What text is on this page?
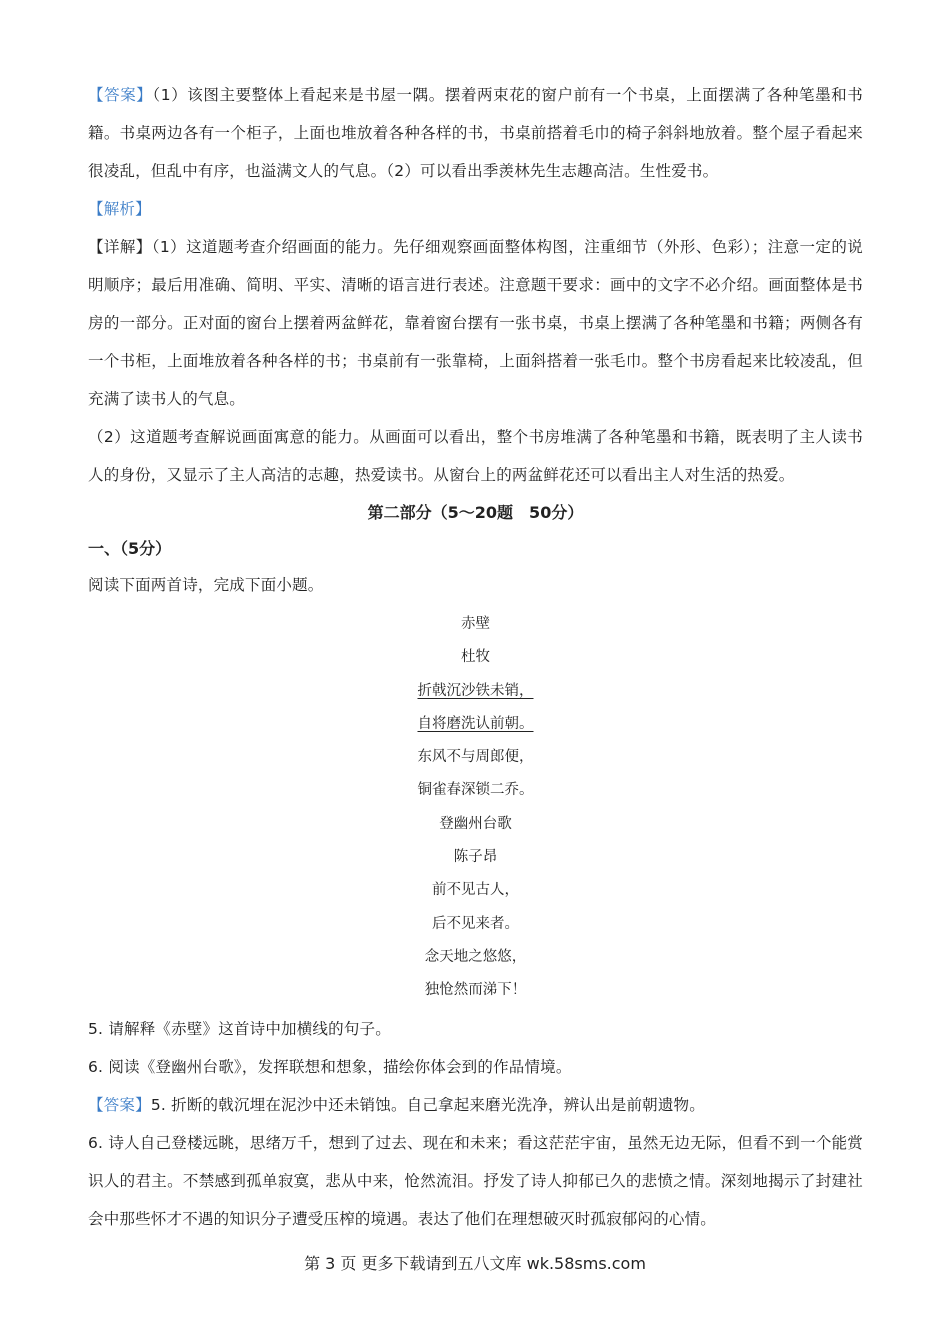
【答案】（1）该图主要整体上看起来是书屋一隅。摆着两束花的窗户前有一个书桌，上面摆满了各种笔墨和书籍。书桌两边各有一个柜子，上面也堆放着各种各样的书，书桌前搭着毛巾的椅子斜斜地放着。整个屋子看起来很凌乱，但乱中有序，也溢满文人的气息。（2）可以看出季羡林先生志趣高洁。生性爱书。

【解析】

【详解】（1）这道题考查介绍画面的能力。先仔细观察画面整体构图，注重细节（外形、色彩）；注意一定的说明顺序；最后用准确、简明、平实、清晰的语言进行表述。注意题干要求：画中的文字不必介绍。画面整体是书房的一部分。正对面的窗台上摆着两盆鲜花，靠着窗台摆有一张书桌，书桌上摆满了各种笔墨和书籍；两侧各有一个书柜，上面堆放着各种各样的书；书桌前有一张靠椅，上面斜搭着一张毛巾。整个书房看起来比较凌乱，但充满了读书人的气息。

（2）这道题考查解说画面寓意的能力。从画面可以看出，整个书房堆满了各种笔墨和书籍，既表明了主人读书人的身份，又显示了主人高洁的志趣，热爱读书。从窗台上的两盆鲜花还可以看出主人对生活的热爱。

第二部分（5～20题　50分）

一、（5分）

阅读下面两首诗，完成下面小题。

赤壁
杜牧
折戟沉沙铁未销，
自将磨洗认前朝。
东风不与周郎便，
铜雀春深锁二乔。
登幽州台歌
陈子昂
前不见古人，
后不见来者。
念天地之悠悠，
独怆然而涕下！

5. 请解释《赤壁》这首诗中加横线的句子。

6. 阅读《登幽州台歌》，发挥联想和想象，描绘你体会到的作品情境。

【答案】5. 折断的戟沉埋在泥沙中还未销蚀。自己拿起来磨光洗净，辨认出是前朝遗物。

6. 诗人自己登楼远眺，思绪万千，想到了过去、现在和未来；看这茫茫宇宙，虽然无边无际，但看不到一个能赏识人的君主。不禁感到孤单寂寞，悲从中来，怆然流泪。抒发了诗人抑郁已久的悲愤之情。深刻地揭示了封建社会中那些怀才不遇的知识分子遭受压榨的境遇。表达了他们在理想破灭时孤寂郁闷的心情。

第 3 页 更多下载请到五八文库 wk.58sms.com
